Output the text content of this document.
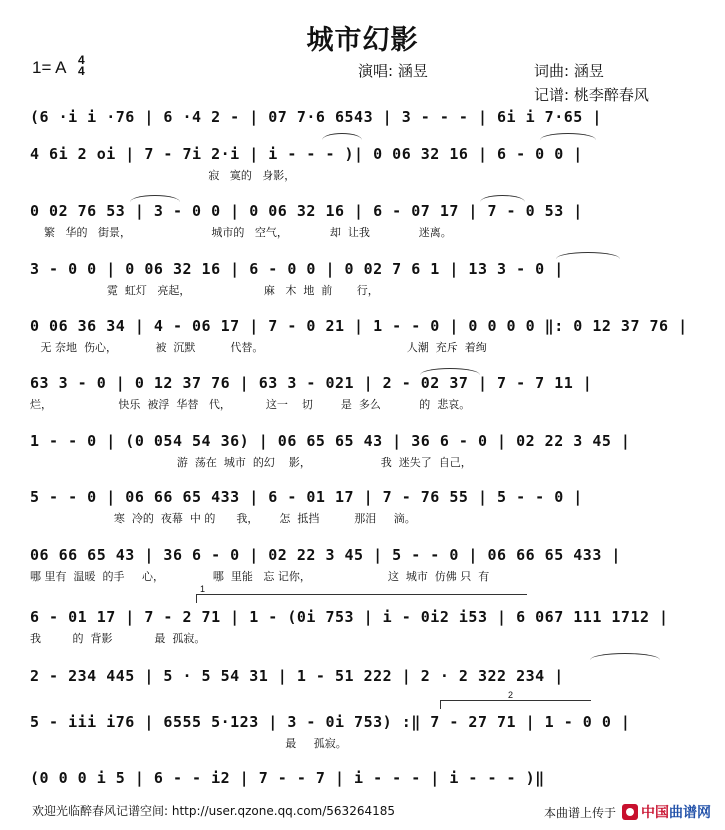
城市幻影
1= A 4
4	演唱: 涵昱	词曲: 涵昱
记谱: 桃李醉春风
(6 ·i i ·76 | 6 ·4 2 - | 07 7·6 6543 | 3 - - - | 6i i 7·65 |
4 6i 2 oi | 7 - 7i 2·i | i - - - )| 0 06 32 16 | 6 - 0 0 |
寂   寞的   身影，
0 02 76 53 | 3 - 0 0 | 0 06 32 16 | 6 - 07 17 | 7 - 0 53 |
繁   华的   街景，                       城市的   空气，            却  让我              迷离。
3 - 0 0 | 0 06 32 16 | 6 - 0 0 | 0 02 7 6 1 | 13 3 - 0 |
霓  虹灯   亮起，                     麻   木  地  前       行，
0 06 36 34 | 4 - 06 17 | 7 - 0 21 | 1 - - 0 | 0 0 0 0 ‖: 0 12 37 76 |
无 奈地  伤心，           被  沉默          代替。                                         人潮  充斥  着绚
63 3 - 0 | 0 12 37 76 | 63 3 - 021 | 2 - 02 37 | 7 - 7 11 |
烂，                   快乐  被浮  华替   代，          这一    切        是  多么           的  悲哀。
1 - - 0 | (0 054 54 36) | 06 65 65 43 | 36 6 - 0 | 02 22 3 45 |
游  荡在  城市  的幻    影，                    我  迷失了  自己，
5 - - 0 | 06 66 65 433 | 6 - 01 17 | 7 - 76 55 | 5 - - 0 |
寒  冷的  夜幕  中 的      我，      怎  抵挡          那泪     滴。
06 66 65 43 | 36 6 - 0 | 02 22 3 45 | 5 - - 0 | 06 66 65 433 |
哪 里有  温暖  的手     心，              哪  里能   忘 记你，                      这  城市  仿佛 只  有
6 - 01 17 | 7 - 2 71 | 1 - (0i 753 | i - 0i2 i53 | 6 067 111 1712 |
我         的  背影            最  孤寂。
2 - 234 445 | 5 · 5 54 31 | 1 - 51 222 | 2 · 2 322 234 |
5 - iii i76 | 6555 5·123 | 3 - 0i 753) :‖ 7 - 27 71 | 1 - 0 0 |
最     孤寂。
(0 0 0 i 5 | 6 - - i2 | 7 - - 7 | i - - - | i - - - )‖
1
2
欢迎光临醉春风记谱空间: http://user.qzone.qq.com/563264185	本曲谱上传于 中国曲谱网
